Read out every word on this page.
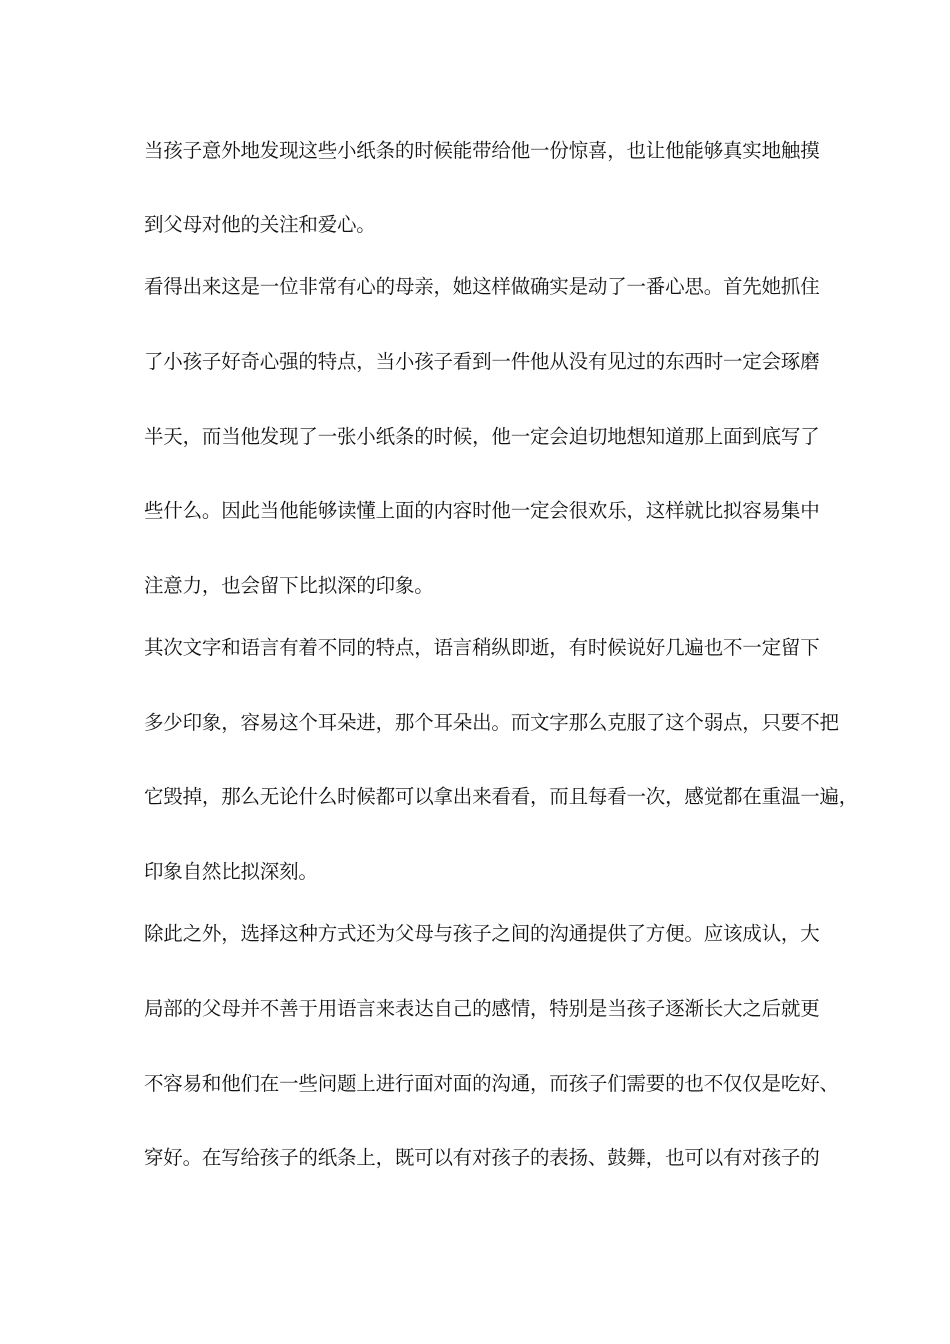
当孩子意外地发现这些小纸条的时候能带给他一份惊喜，也让他能够真实地触摸
到父母对他的关注和爱心。
看得出来这是一位非常有心的母亲，她这样做确实是动了一番心思。首先她抓住
了小孩子好奇心强的特点，当小孩子看到一件他从没有见过的东西时一定会琢磨
半天，而当他发现了一张小纸条的时候，他一定会迫切地想知道那上面到底写了
些什么。因此当他能够读懂上面的内容时他一定会很欢乐，这样就比拟容易集中
注意力，也会留下比拟深的印象。
其次文字和语言有着不同的特点，语言稍纵即逝，有时候说好几遍也不一定留下
多少印象，容易这个耳朵进，那个耳朵出。而文字那么克服了这个弱点，只要不把
它毁掉，那么无论什么时候都可以拿出来看看，而且每看一次，感觉都在重温一遍，
印象自然比拟深刻。
除此之外，选择这种方式还为父母与孩子之间的沟通提供了方便。应该成认，大
局部的父母并不善于用语言来表达自己的感情，特别是当孩子逐渐长大之后就更
不容易和他们在一些问题上进行面对面的沟通，而孩子们需要的也不仅仅是吃好、
穿好。在写给孩子的纸条上，既可以有对孩子的表扬、鼓舞，也可以有对孩子的
